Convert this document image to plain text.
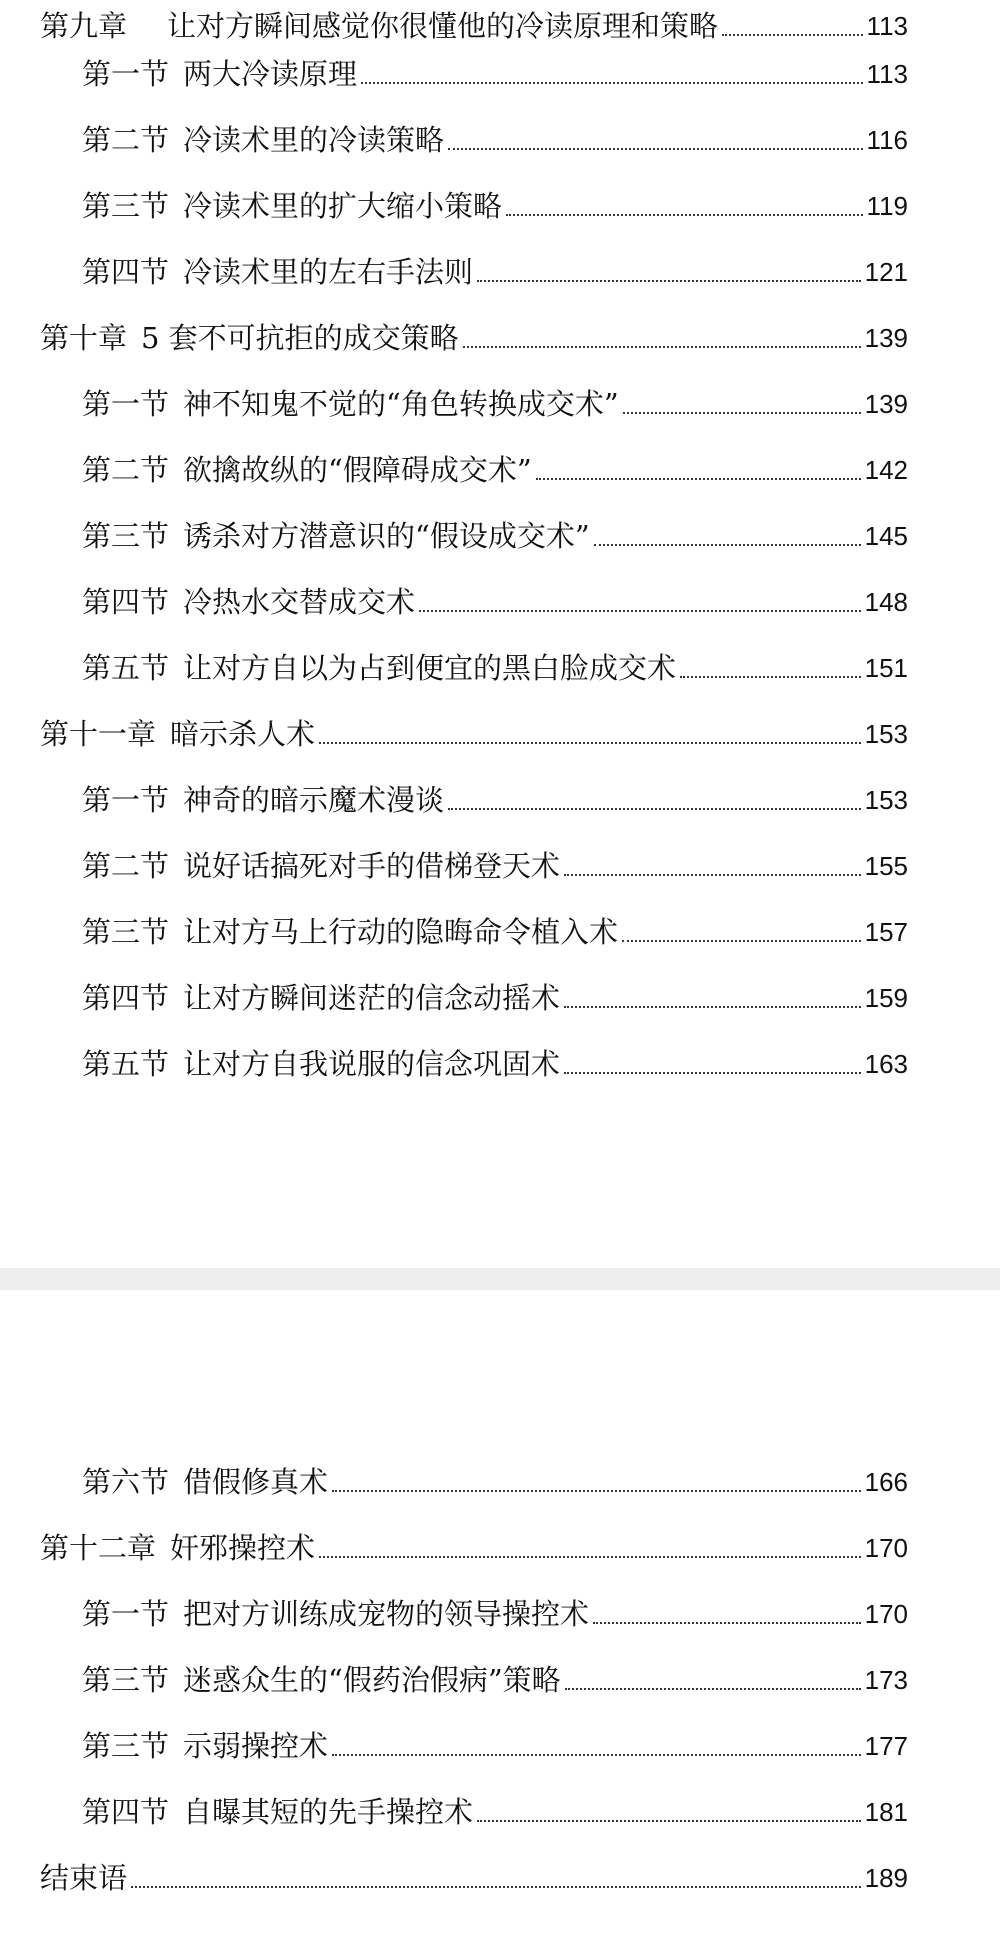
第九章 让对方瞬间感觉你很懂他的冷读原理和策略	113
第一节 两大冷读原理	113
第二节 冷读术里的冷读策略	116
第三节 冷读术里的扩大缩小策略	119
第四节 冷读术里的左右手法则	121
第十章 5 套不可抗拒的成交策略	139
第一节 神不知鬼不觉的“角色转换成交术”	139
第二节 欲擒故纵的“假障碍成交术”	142
第三节 诱杀对方潜意识的“假设成交术”	145
第四节 冷热水交替成交术	148
第五节 让对方自以为占到便宜的黑白脸成交术	151
第十一章 暗示杀人术	153
第一节 神奇的暗示魔术漫谈	153
第二节 说好话搞死对手的借梯登天术	155
第三节 让对方马上行动的隐晦命令植入术	157
第四节 让对方瞬间迷茫的信念动摇术	159
第五节 让对方自我说服的信念巩固术	163
第六节 借假修真术	166
第十二章 奸邪操控术	170
第一节 把对方训练成宠物的领导操控术	170
第三节 迷惑众生的“假药治假病”策略	173
第三节 示弱操控术	177
第四节 自曝其短的先手操控术	181
结束语	189
